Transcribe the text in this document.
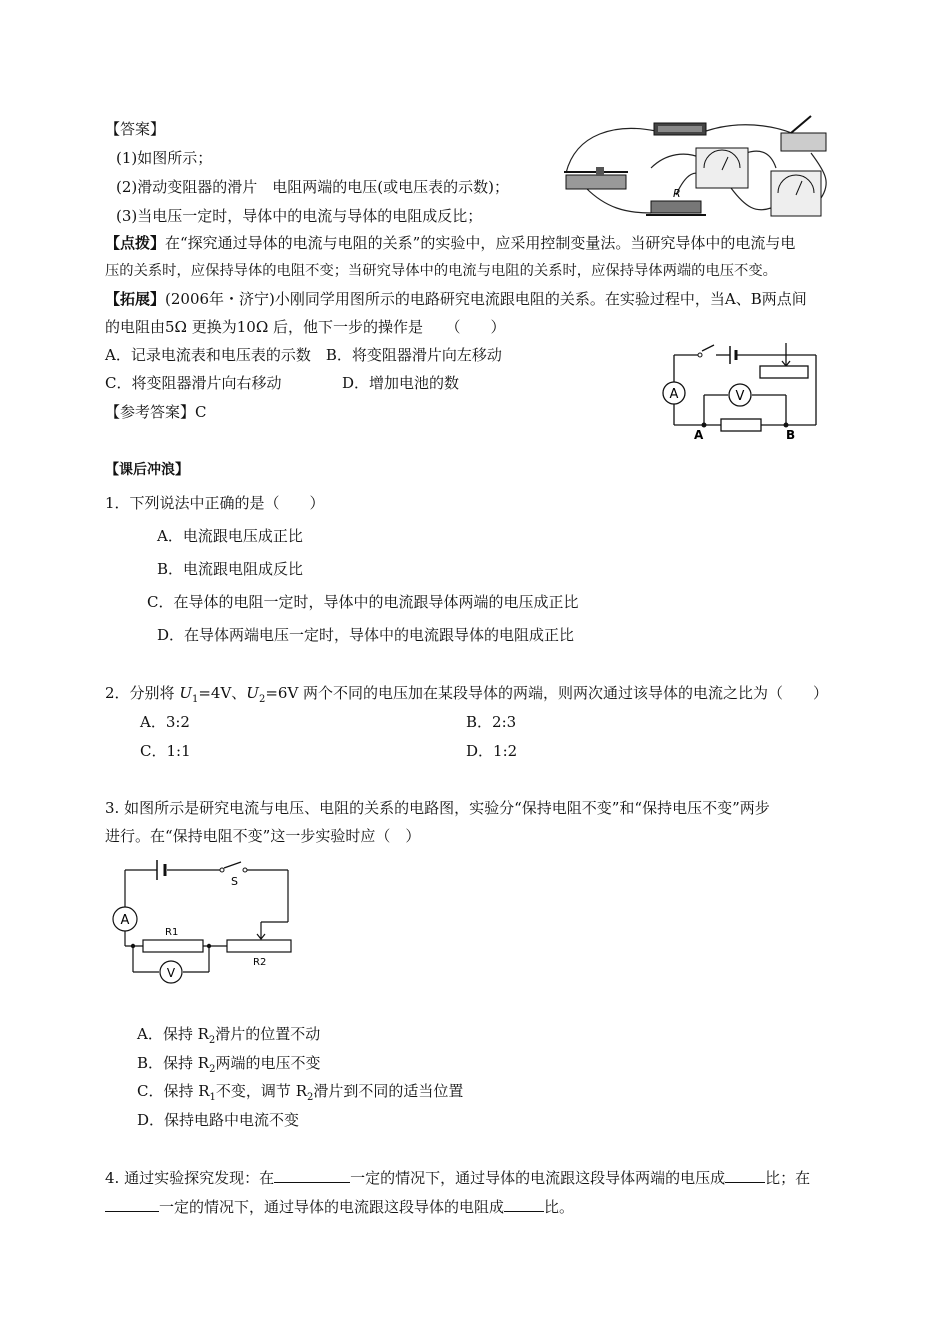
【答案】
(1)如图所示；
(2)滑动变阻器的滑片　电阻两端的电压(或电压表的示数)；
(3)当电压一定时，导体中的电流与导体的电阻成反比；
R
【点拨】在“探究通过导体的电流与电阻的关系”的实验中，应采用控制变量法。当研究导体中的电流与电
压的关系时，应保持导体的电阻不变；当研究导体中的电流与电阻的关系时，应保持导体两端的电压不变。
【拓展】(2006年・济宁)小刚同学用图所示的电路研究电流跟电阻的关系。在实验过程中，当A、B两点间
的电阻由5Ω 更换为10Ω 后，他下一步的操作是　　（　　）
A．记录电流表和电压表的示数　B．将变阻器滑片向左移动
C．将变阻器滑片向右移动	D．增加电池的数
【参考答案】C
A	V
A	B
【课后冲浪】
1．下列说法中正确的是（　　）
A．电流跟电压成正比
B．电流跟电阻成反比
C．在导体的电阻一定时，导体中的电流跟导体两端的电压成正比
D．在导体两端电压一定时，导体中的电流跟导体的电阻成正比
2．分别将 $U_1=4V$、$U_2=6V$ 两个不同的电压加在某段导体的两端，则两次通过该导体的电流之比为（　　）
A．3:2	B．2:3
C．1:1	D．1:2
3. 如图所示是研究电流与电压、电阻的关系的电路图，实验分“保持电阻不变”和“保持电压不变”两步
进行。在“保持电阻不变”这一步实验时应（　）
S
A
R1
R2
V
A．保持 $R_2$滑片的位置不动
B．保持 $R_2$两端的电压不变
C．保持 $R_1$不变，调节 $R_2$滑片到不同的适当位置
D．保持电路中电流不变
4. 通过实验探究发现：在	一定的情况下，通过导体的电流跟这段导体两端的电压成	比；在
一定的情况下，通过导体的电流跟这段导体的电阻成	比。
